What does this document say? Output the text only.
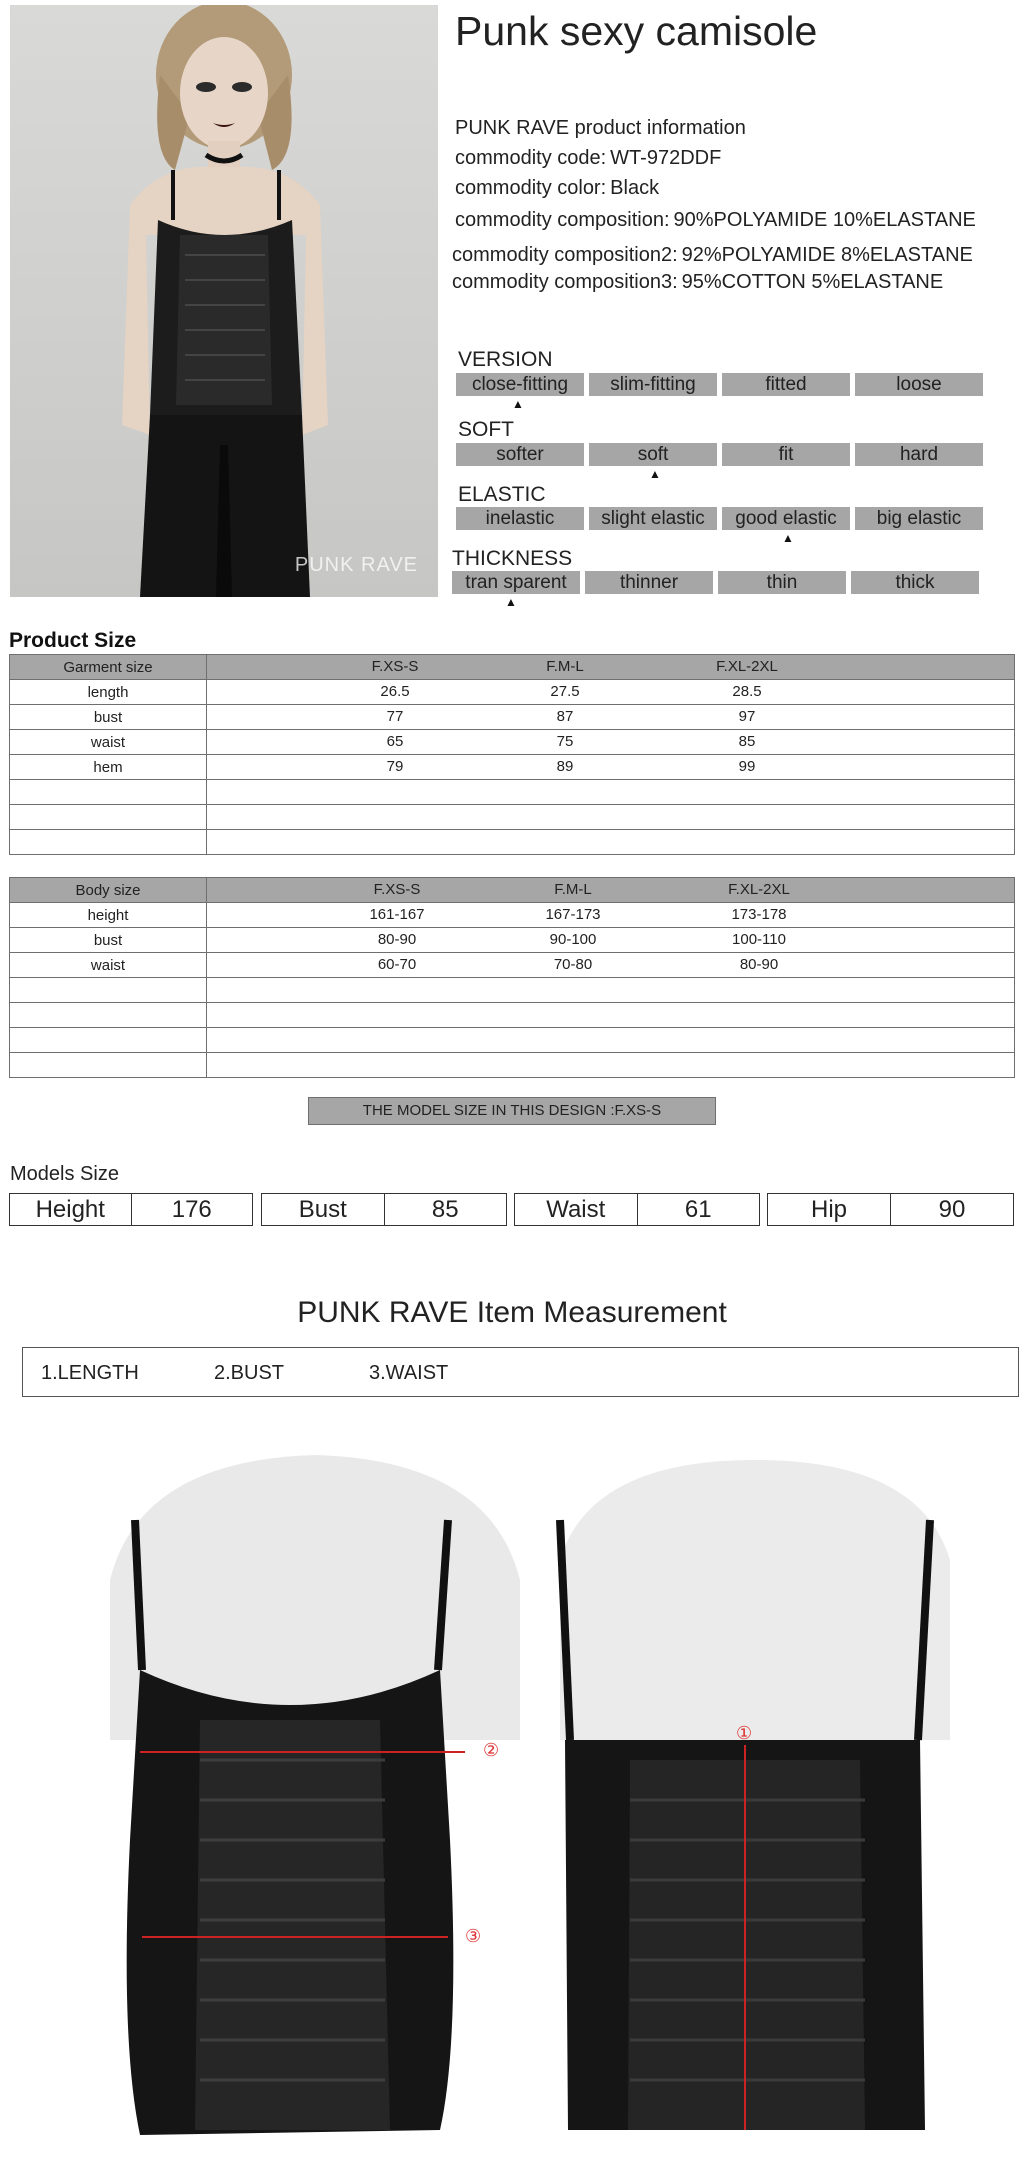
PUNK RAVE
Punk sexy camisole
PUNK RAVE product information
commodity code: WT-972DDF
commodity color: Black
commodity composition: 90%POLYAMIDE 10%ELASTANE
commodity composition2: 92%POLYAMIDE 8%ELASTANE
commodity composition3: 95%COTTON 5%ELASTANE
VERSION
close-fitting	slim-fitting	fitted	loose
▲
SOFT
softer	soft	fit	hard
▲
ELASTIC
inelastic	slight elastic	good elastic	big elastic
▲
THICKNESS
tran sparent	thinner	thin	thick
▲
Product Size
Garment size	F.XS-S F.M-L F.XL-2XL

length	26.5 27.5 28.5

bust	77 87 97

waist	65 75 85

hem	79 89 99

Body size	F.XS-S F.M-L F.XL-2XL

height	161-167 167-173 173-178

bust	80-90 90-100 100-110

waist	60-70 70-80 80-90

THE MODEL SIZE IN THIS DESIGN :F.XS-S
Models Size
Height	176	Bust	85	Waist	61	Hip	90
PUNK RAVE Item Measurement
1.LENGTH	2.BUST	3.WAIST
②
③
①
